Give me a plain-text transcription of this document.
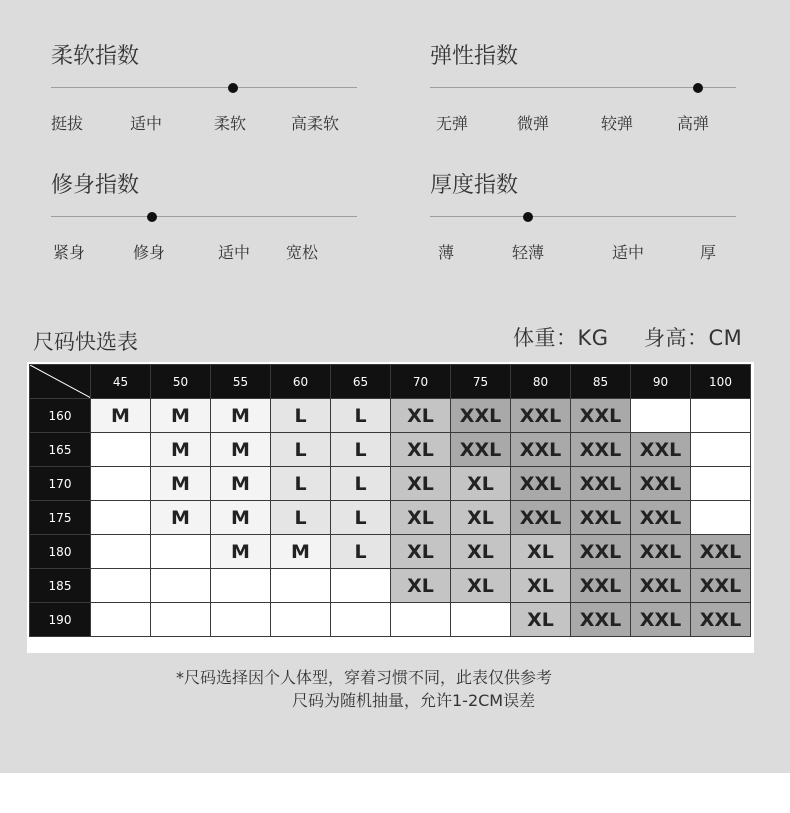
柔软指数
挺拔	适中	柔软	高柔软
弹性指数
无弹	微弹	较弹	高弹
修身指数
紧身	修身	适中 宽松
厚度指数
薄	轻薄	适中	厚
尺码快选表	体重：KG 身高：CM
	45	50	55	60	65	70	75	80	85	90	100
160	M	M	M	L	L	XL	XXL	XXL	XXL		
165		M	M	L	L	XL	XXL	XXL	XXL	XXL	
170		M	M	L	L	XL	XL	XXL	XXL	XXL	
175		M	M	L	L	XL	XL	XXL	XXL	XXL	
180			M	M	L	XL	XL	XL	XXL	XXL	XXL
185						XL	XL	XL	XXL	XXL	XXL
190								XL	XXL	XXL	XXL
*尺码选择因个人体型，穿着习惯不同，此表仅供参考
尺码为随机抽量，允许1-2CM误差
